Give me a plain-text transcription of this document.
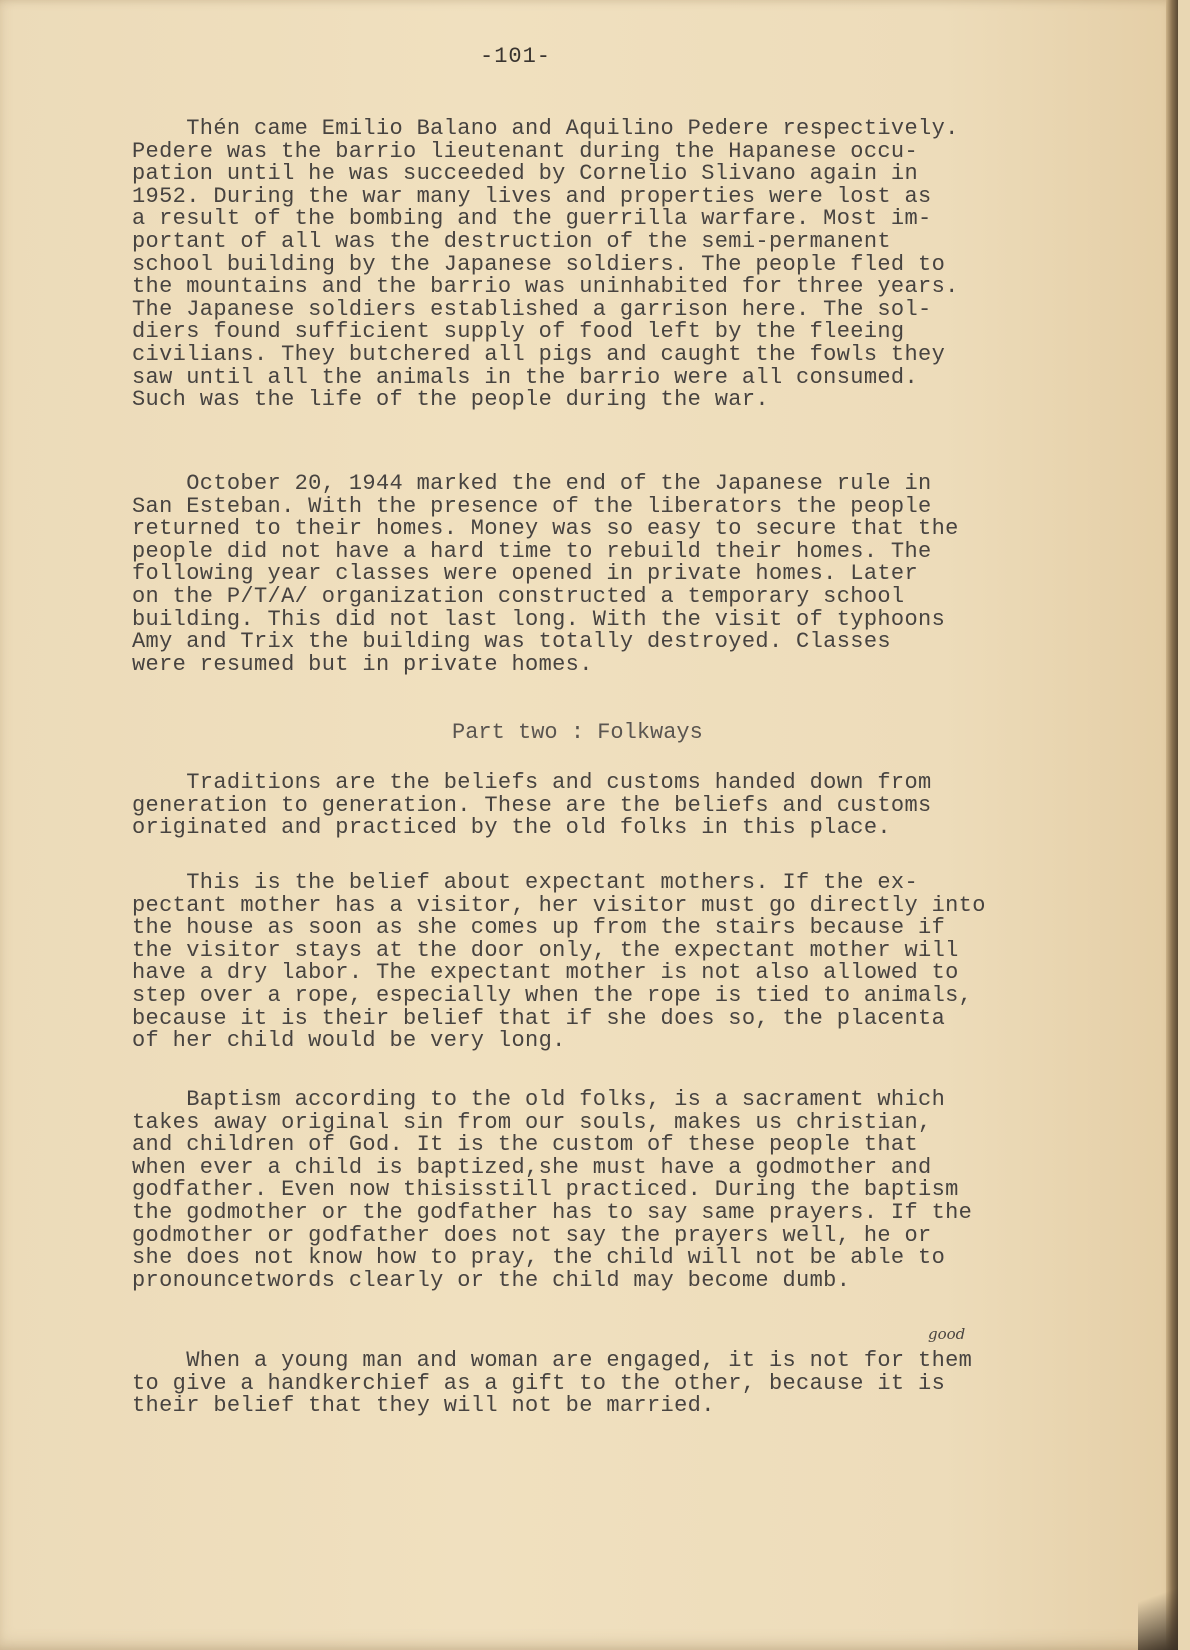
-101-
Thén came Emilio Balano and Aquilino Pedere respectively.
Pedere was the barrio lieutenant during the Hapanese occu-
pation until he was succeeded by Cornelio Slivano again in
1952. During the war many lives and properties were lost as
a result of the bombing and the guerrilla warfare. Most im-
portant of all was the destruction of the semi-permanent
school building by the Japanese soldiers. The people fled to
the mountains and the barrio was uninhabited for three years.
The Japanese soldiers established a garrison here. The sol-
diers found sufficient supply of food left by the fleeing
civilians. They butchered all pigs and caught the fowls they
saw until all the animals in the barrio were all consumed.
Such was the life of the people during the war.
October 20, 1944 marked the end of the Japanese rule in
San Esteban. With the presence of the liberators the people
returned to their homes. Money was so easy to secure that the
people did not have a hard time to rebuild their homes. The
following year classes were opened in private homes. Later
on the P/T/A/ organization constructed a temporary school
building. This did not last long. With the visit of typhoons
Amy and Trix the building was totally destroyed. Classes
were resumed but in private homes.
Part two : Folkways
Traditions are the beliefs and customs handed down from
generation to generation. These are the beliefs and customs
originated and practiced by the old folks in this place.
This is the belief about expectant mothers. If the ex-
pectant mother has a visitor, her visitor must go directly into
the house as soon as she comes up from the stairs because if
the visitor stays at the door only, the expectant mother will
have a dry labor. The expectant mother is not also allowed to
step over a rope, especially when the rope is tied to animals,
because it is their belief that if she does so, the placenta
of her child would be very long.
Baptism according to the old folks, is a sacrament which
takes away original sin from our souls, makes us christian,
and children of God. It is the custom of these people that
when ever a child is baptized,she must have a godmother and
godfather. Even now thisisstill practiced. During the baptism
the godmother or the godfather has to say same prayers. If the
godmother or godfather does not say the prayers well, he or
she does not know how to pray, the child will not be able to
pronouncetwords clearly or the child may become dumb.
good
When a young man and woman are engaged, it is not for them
to give a handkerchief as a gift to the other, because it is
their belief that they will not be married.
